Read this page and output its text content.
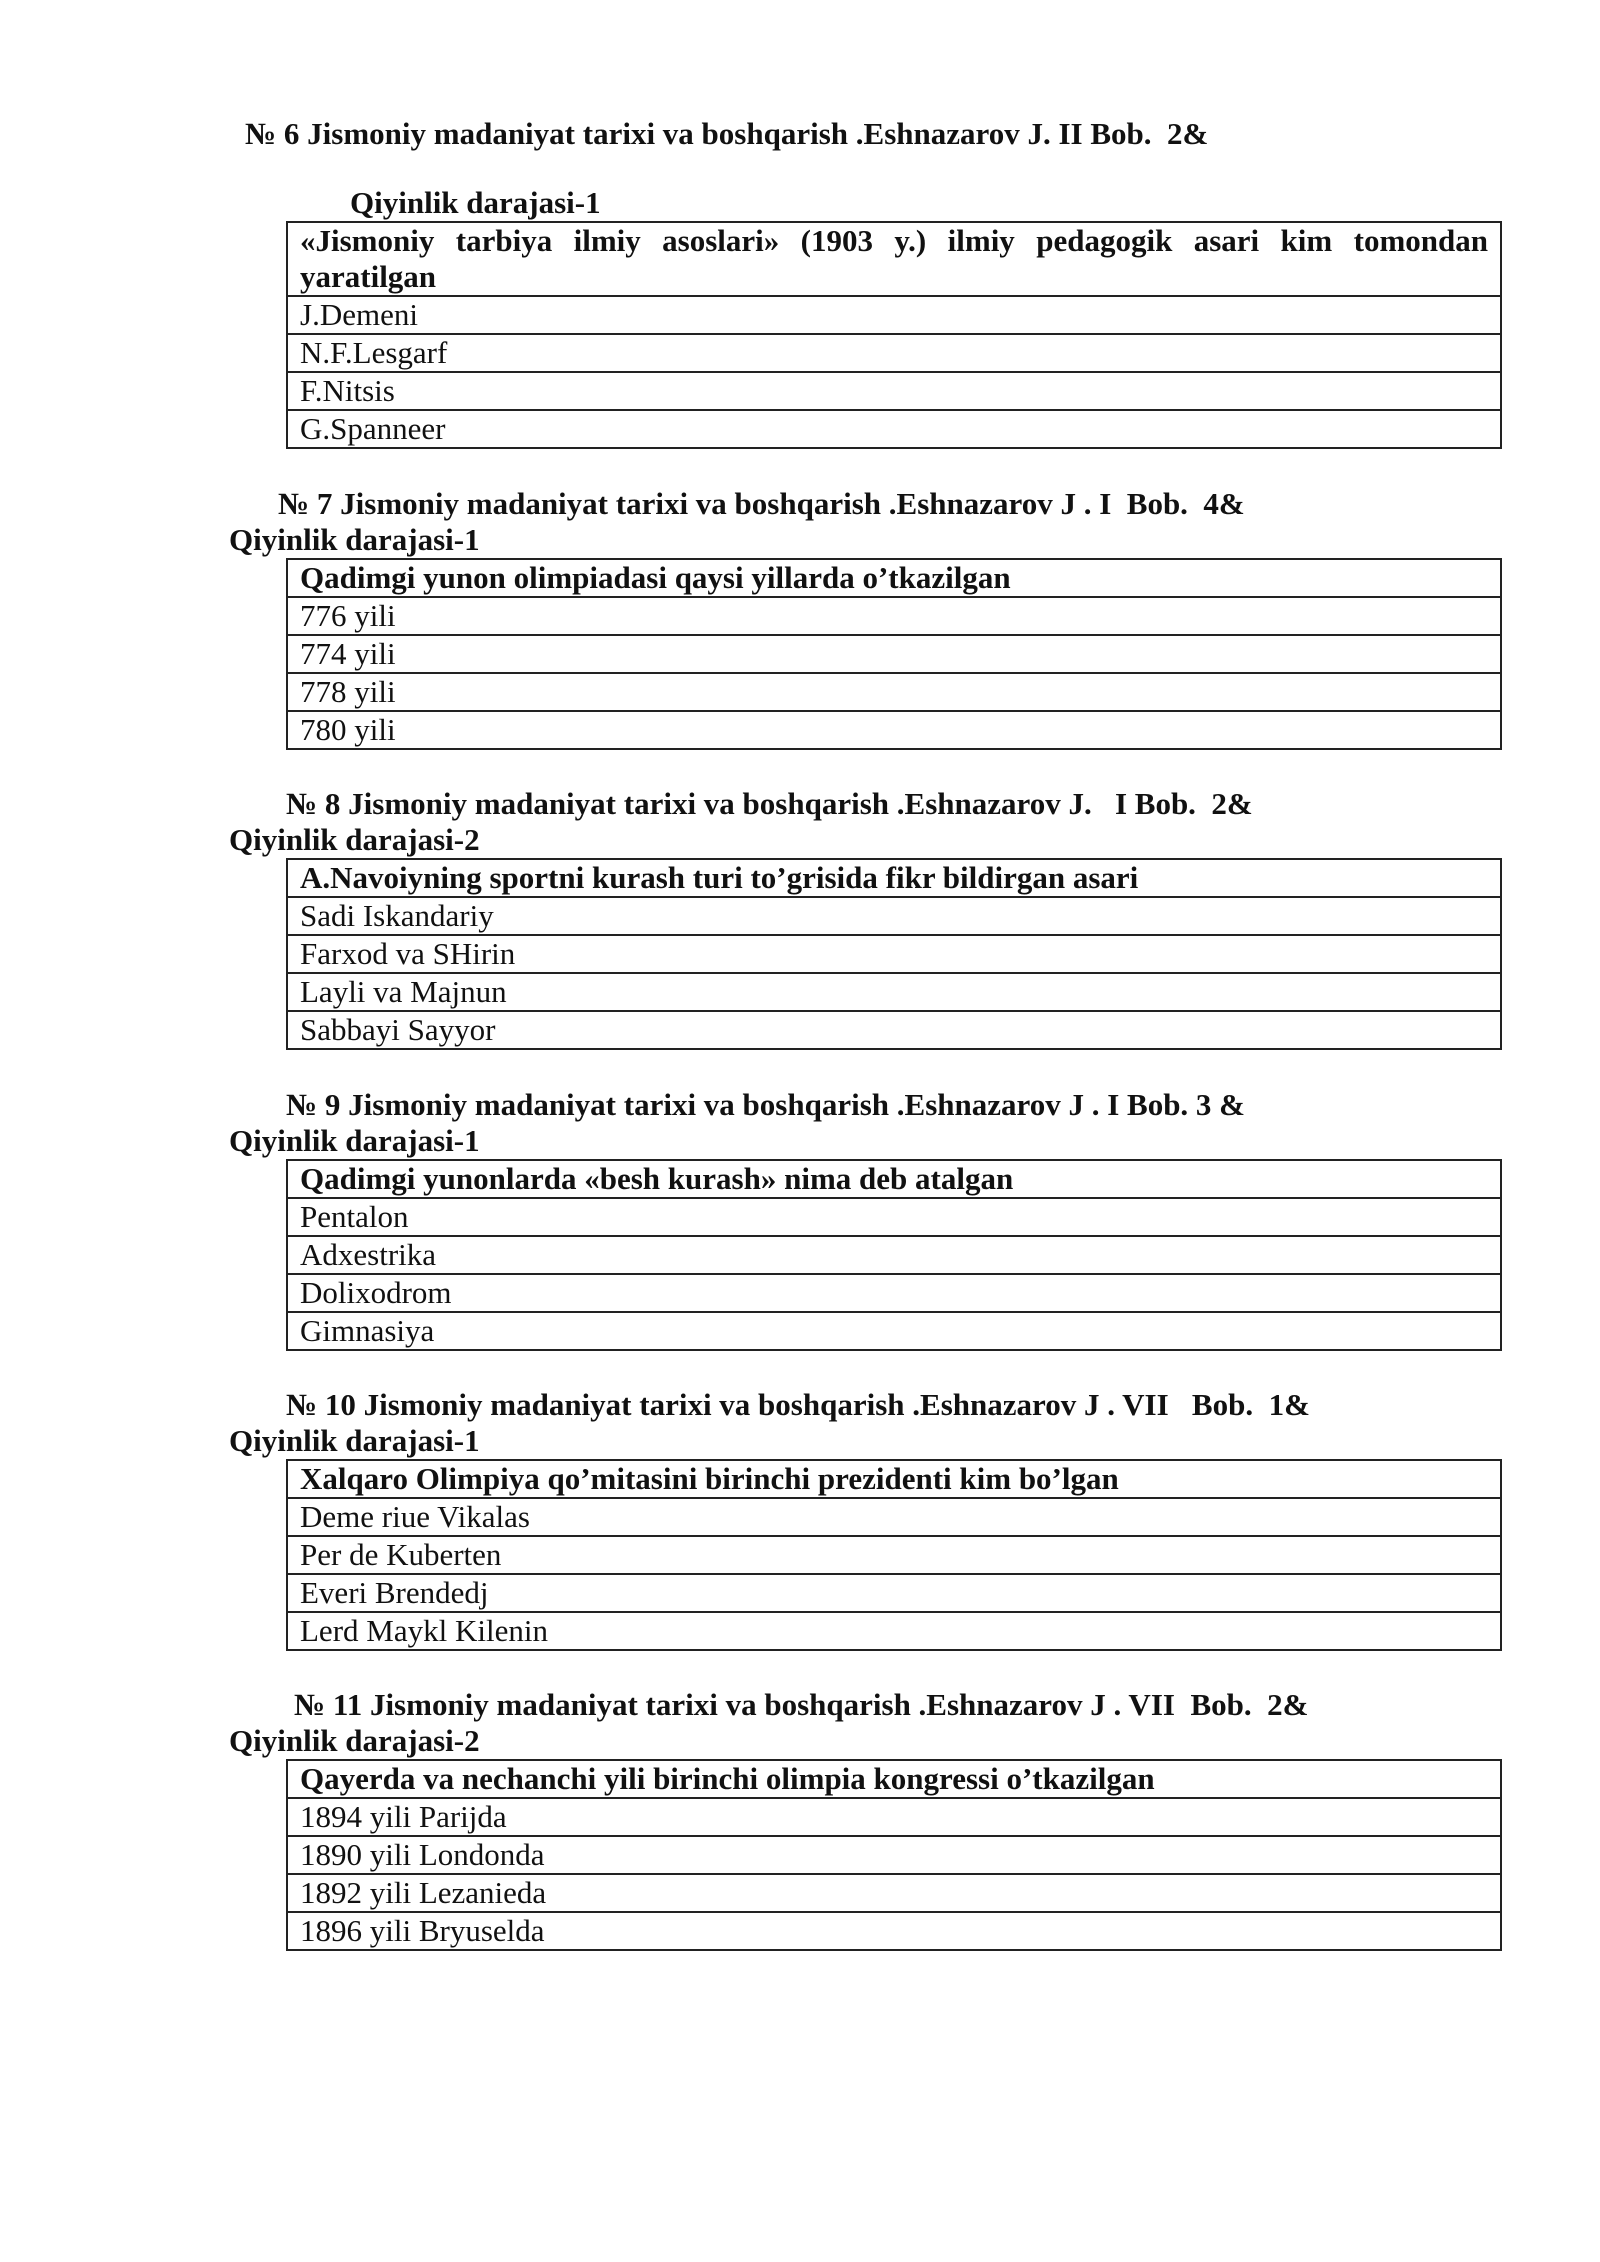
№ 6 Jismoniy madaniyat tarixi va boshqarish .Eshnazarov J. II Bob.  2&
Qiyinlik darajasi-1
«Jismoniy tarbiya ilmiy asoslari» (1903 y.) ilmiy pedagogik asari kim tomondan yaratilgan
J.Demeni
N.F.Lesgarf
F.Nitsis
G.Spanneer
№ 7 Jismoniy madaniyat tarixi va boshqarish .Eshnazarov J . I  Bob.  4&
Qiyinlik darajasi-1
Qadimgi yunon olimpiadasi qaysi yillarda o’tkazilgan
776 yili
774 yili
778 yili
780 yili
№ 8 Jismoniy madaniyat tarixi va boshqarish .Eshnazarov J.   I Bob.  2&
Qiyinlik darajasi-2
A.Navoiyning sportni kurash turi to’grisida fikr bildirgan asari
Sadi Iskandariy
Farxod va SHirin
Layli va Majnun
Sabbayi Sayyor
№ 9 Jismoniy madaniyat tarixi va boshqarish .Eshnazarov J . I Bob. 3 &
Qiyinlik darajasi-1
Qadimgi yunonlarda «besh kurash» nima deb atalgan
Pentalon
Adxestrika
Dolixodrom
Gimnasiya
№ 10 Jismoniy madaniyat tarixi va boshqarish .Eshnazarov J . VII   Bob.  1&
Qiyinlik darajasi-1
Xalqaro Olimpiya qo’mitasini birinchi prezidenti kim bo’lgan
Deme riue Vikalas
Per de Kuberten
Everi Brendedj
Lerd Maykl Kilenin
№ 11 Jismoniy madaniyat tarixi va boshqarish .Eshnazarov J . VII  Bob.  2&
Qiyinlik darajasi-2
Qayerda va nechanchi yili birinchi olimpia kongressi o’tkazilgan
1894 yili Parijda
1890 yili Londonda
1892 yili Lezanieda
1896 yili Bryuselda
